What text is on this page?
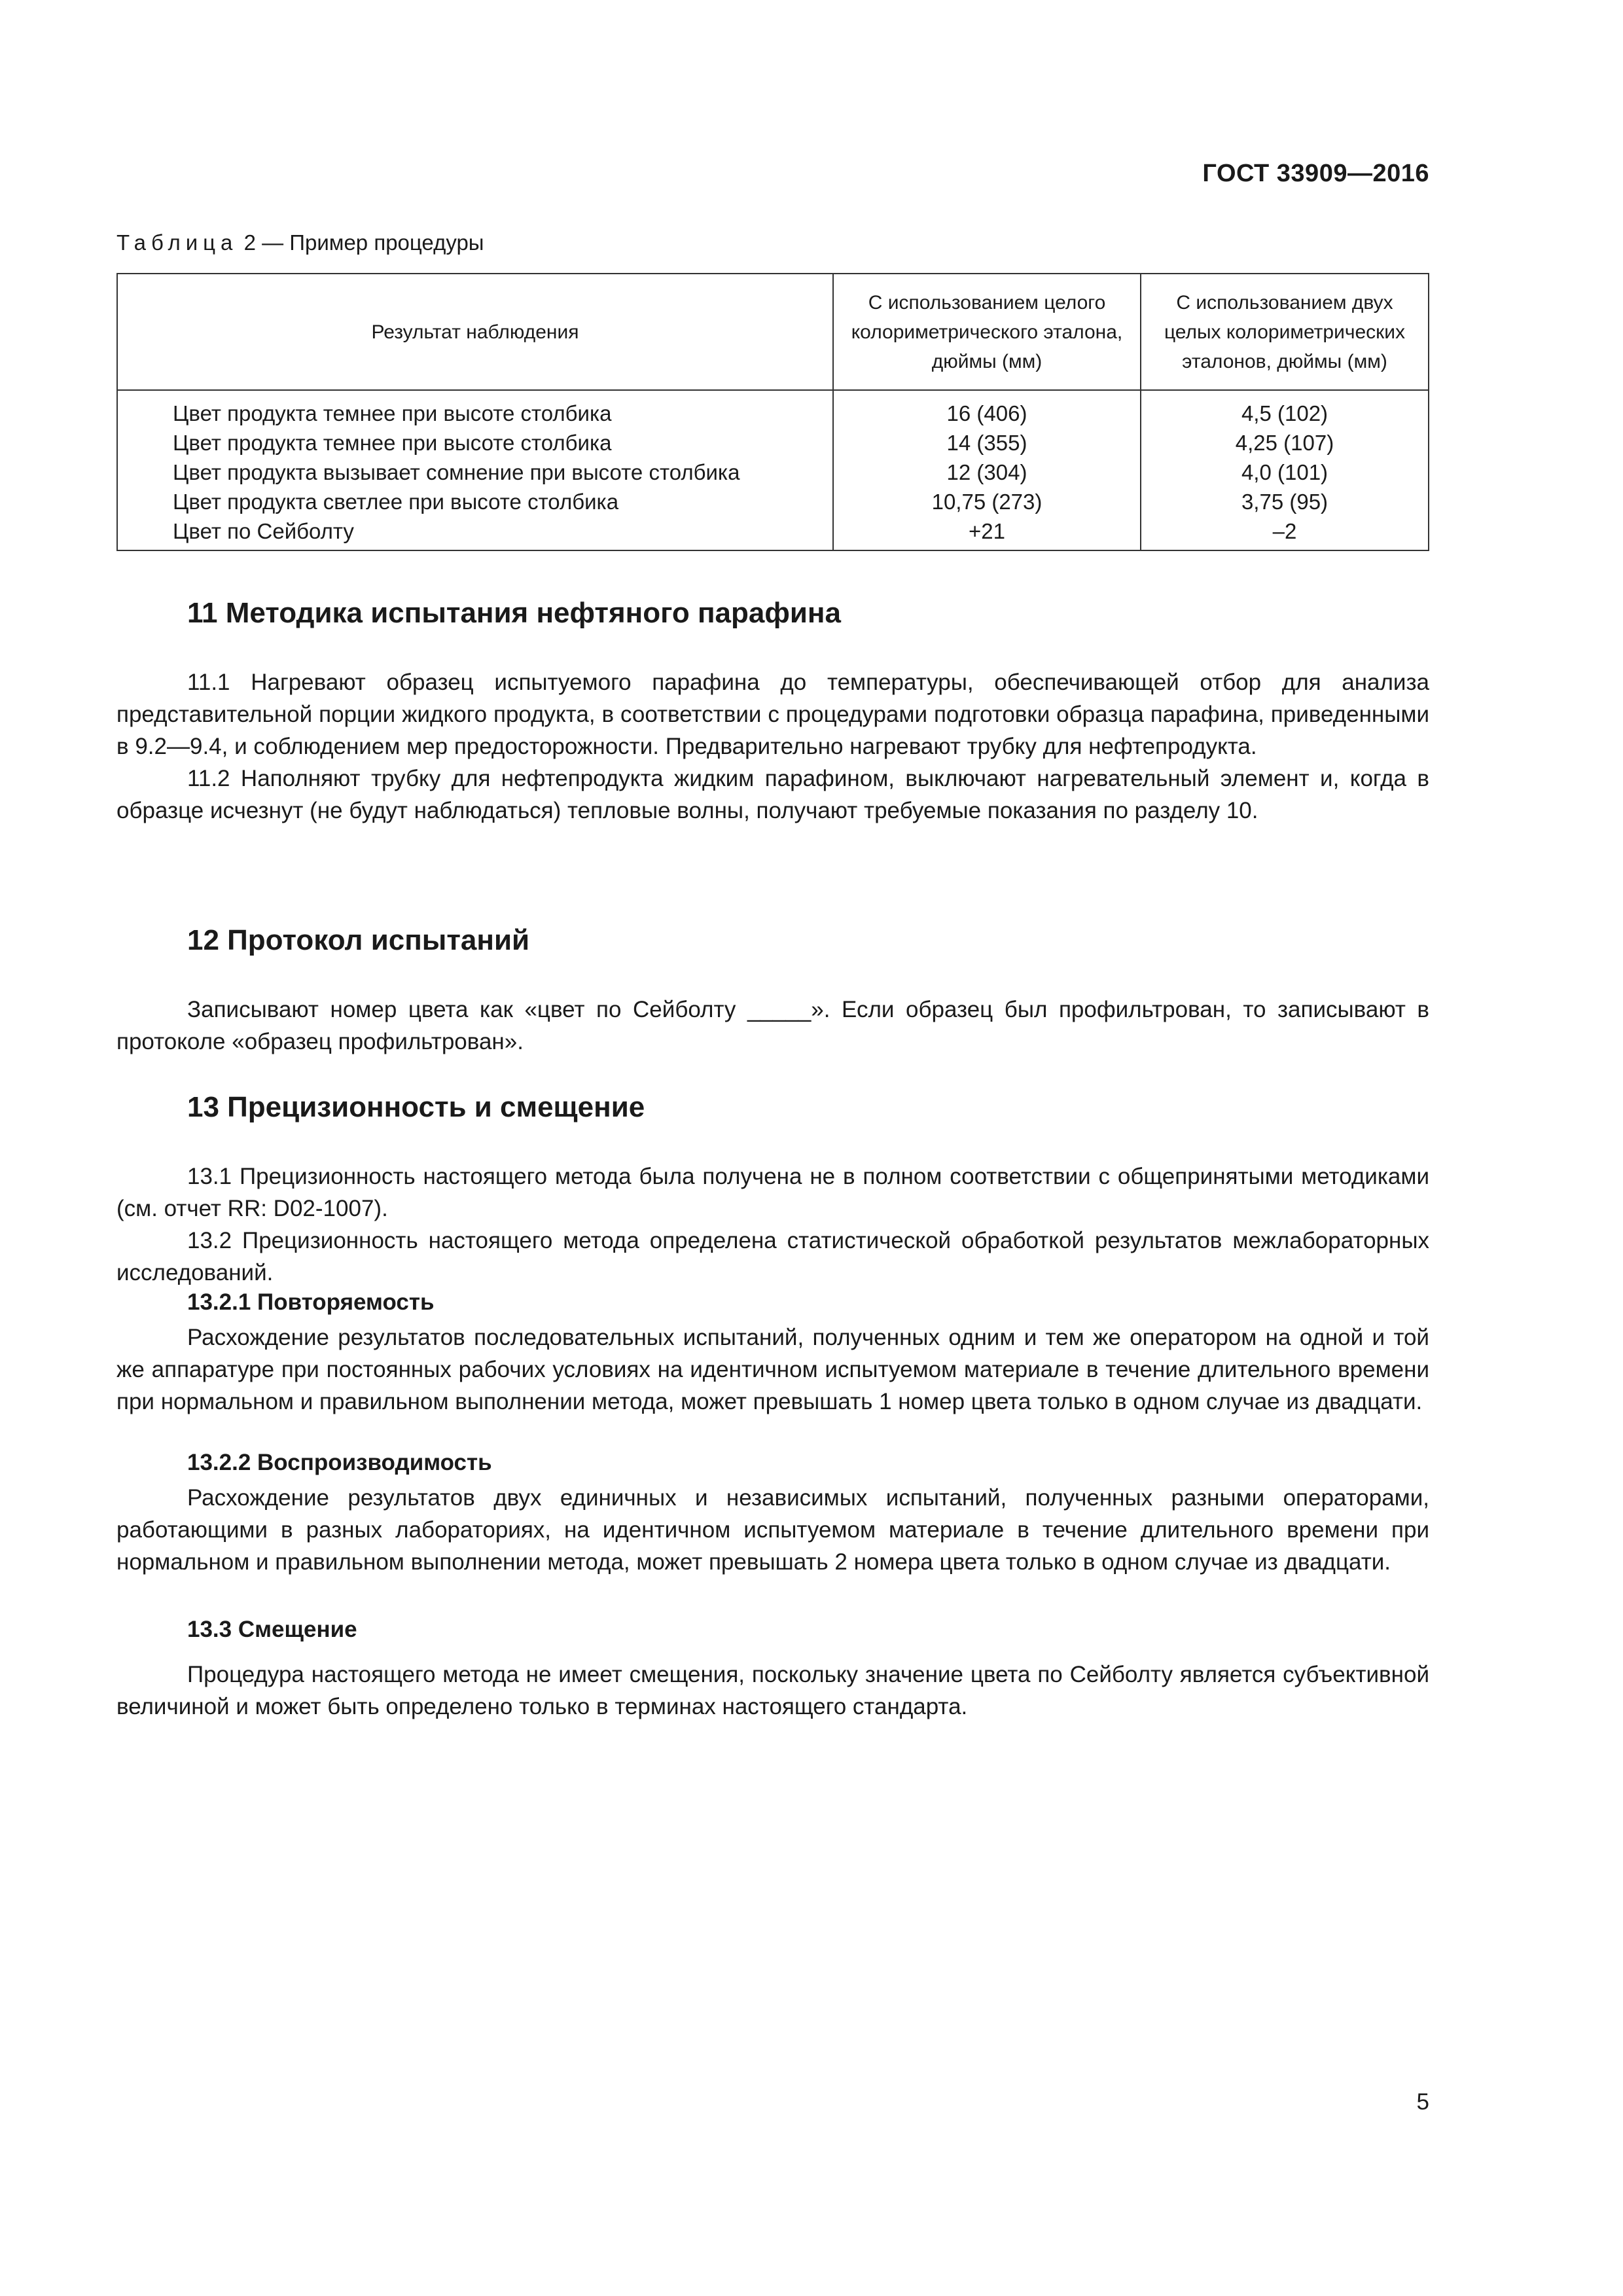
ГОСТ 33909—2016
Таблица 2 — Пример процедуры
Результат наблюдения	С использованием целого колориметрического эталона, дюймы (мм)	С использованием двух целых колориметрических эталонов, дюймы (мм)
Цвет продукта темнее при высоте столбика	16 (406)	4,5 (102)
Цвет продукта темнее при высоте столбика	14 (355)	4,25 (107)
Цвет продукта вызывает сомнение при высоте столбика	12 (304)	4,0 (101)
Цвет продукта светлее при высоте столбика	10,75 (273)	3,75 (95)
Цвет по Сейболту	+21	–2
11 Методика испытания нефтяного парафина

11.1 Нагревают образец испытуемого парафина до температуры, обеспечивающей отбор для анализа представительной порции жидкого продукта, в соответствии с процедурами подготовки образца парафина, приведенными в 9.2—9.4, и соблюдением мер предосторожности. Предварительно нагревают трубку для нефтепродукта.

11.2 Наполняют трубку для нефтепродукта жидким парафином, выключают нагревательный элемент и, когда в образце исчезнут (не будут наблюдаться) тепловые волны, получают требуемые показания по разделу 10.

12 Протокол испытаний

Записывают номер цвета как «цвет по Сейболту _____». Если образец был профильтрован, то записывают в протоколе «образец профильтрован».

13 Прецизионность и смещение

13.1 Прецизионность настоящего метода была получена не в полном соответствии с общепринятыми методиками (см. отчет RR: D02-1007).

13.2 Прецизионность настоящего метода определена статистической обработкой результатов межлабораторных исследований.

13.2.1 Повторяемость

Расхождение результатов последовательных испытаний, полученных одним и тем же оператором на одной и той же аппаратуре при постоянных рабочих условиях на идентичном испытуемом материале в течение длительного времени при нормальном и правильном выполнении метода, может превышать 1 номер цвета только в одном случае из двадцати.

13.2.2 Воспроизводимость

Расхождение результатов двух единичных и независимых испытаний, полученных разными операторами, работающими в разных лабораториях, на идентичном испытуемом материале в течение длительного времени при нормальном и правильном выполнении метода, может превышать 2 номера цвета только в одном случае из двадцати.

13.3 Смещение

Процедура настоящего метода не имеет смещения, поскольку значение цвета по Сейболту является субъективной величиной и может быть определено только в терминах настоящего стандарта.

5
